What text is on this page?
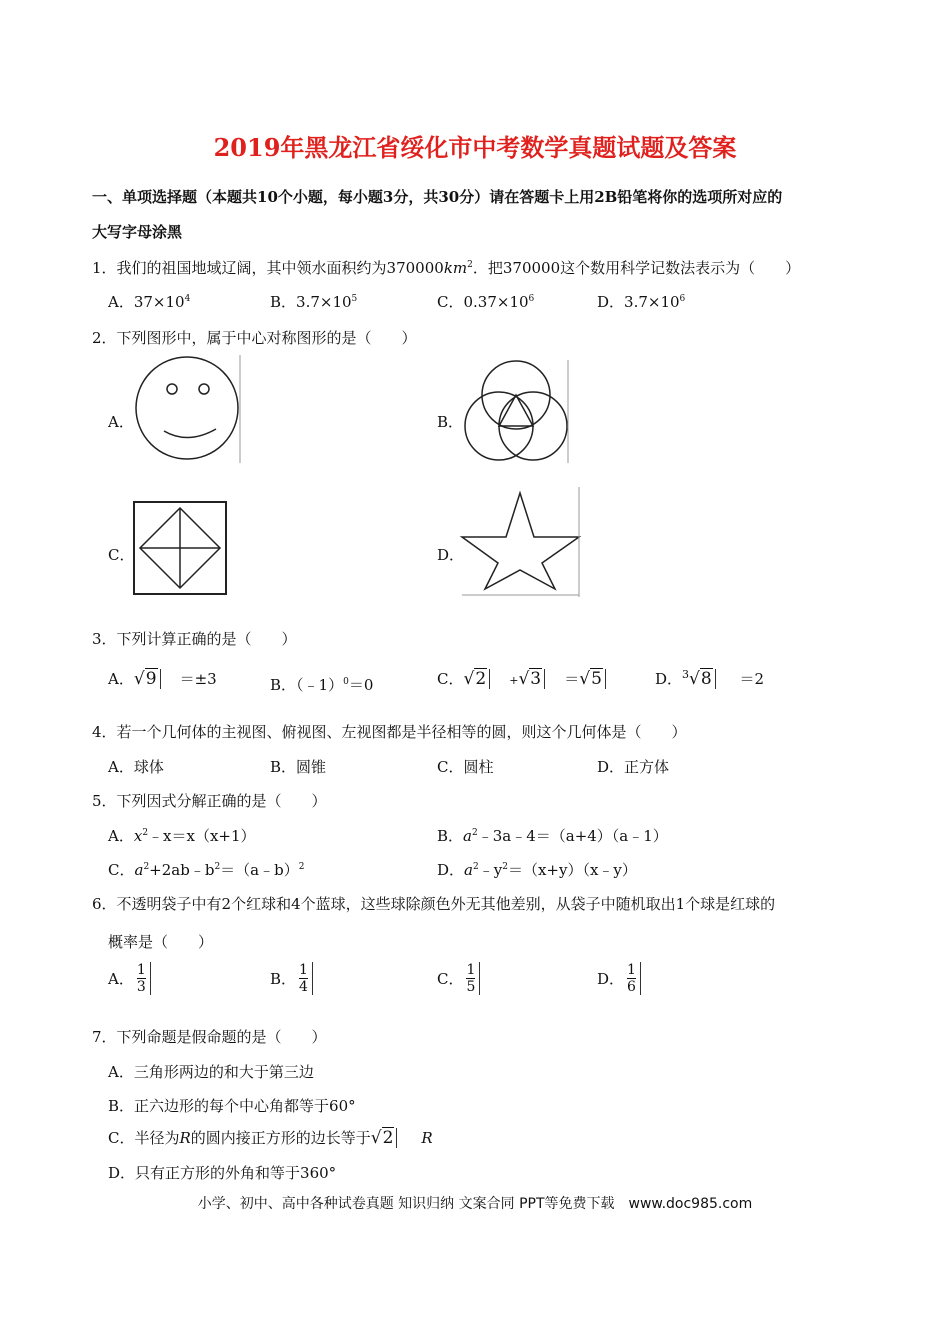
2019年黑龙江省绥化市中考数学真题试题及答案
一、单项选择题（本题共10个小题，每小题3分，共30分）请在答题卡上用2B铅笔将你的选项所对应的
大写字母涂黑
1．我们的祖国地域辽阔，其中领水面积约为$370000km^2$．把370000这个数用科学记数法表示为（　　）
A．$37\times 10^4$	B．$3.7\times 10^5$	C．$0.37\times 10^6$	D．$3.7\times 10^6$
2．下列图形中，属于中心对称图形的是（　　）
A．	B．
C．	D．
3．下列计算正确的是（　　）
A．√9 ＝±3	B．（﹣1）$^0$＝0	C．√2 +√3 ＝√5	D．$^3$√8 ＝2
4．若一个几何体的主视图、俯视图、左视图都是半径相等的圆，则这个几何体是（　　）
A．球体	B．圆锥	C．圆柱	D．正方体
5．下列因式分解正确的是（　　）
A．$x^2﹣x=x(x+1)$	B．$a^2﹣3a﹣4=(a+4)(a﹣1)$
C．$a^2+2ab﹣b^2=(a﹣b)^2$	D．$a^2﹣y^2=(x+y)(x﹣y)$
6．不透明袋子中有2个红球和4个蓝球，这些球除颜色外无其他差别，从袋子中随机取出1个球是红球的
概率是（　　）
A． $\frac{1}{3}$	B． $\frac{1}{4}$	C． $\frac{1}{5}$	D． $\frac{1}{6}$
7．下列命题是假命题的是（　　）
A．三角形两边的和大于第三边
B．正六边形的每个中心角都等于60°
C．半径为R的圆内接正方形的边长等于√2 R
D．只有正方形的外角和等于360°
小学、初中、高中各种试卷真题 知识归纳 文案合同 PPT等免费下载　www.doc985.com
